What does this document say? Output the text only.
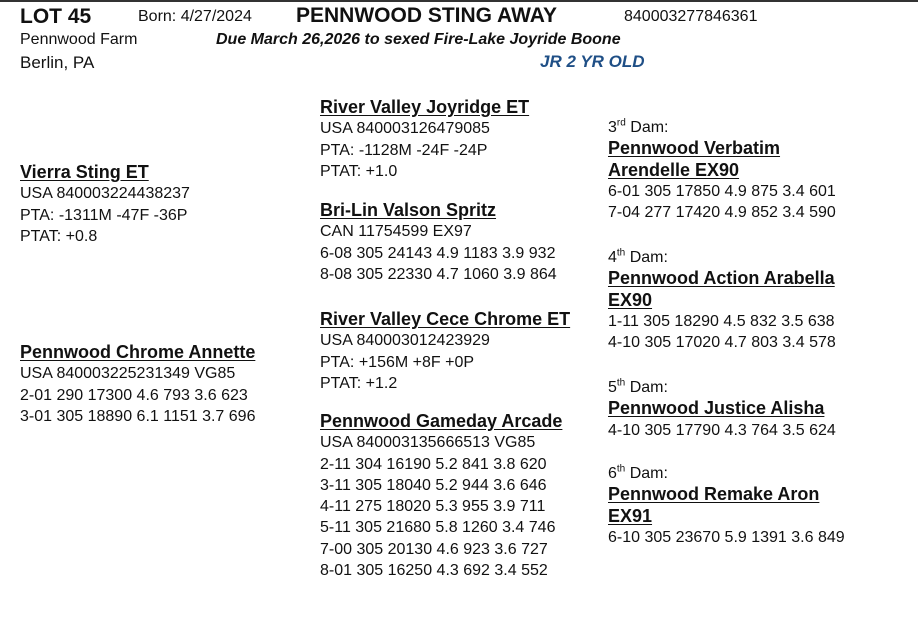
LOT 45	Born: 4/27/2024 PENNWOOD STING AWAY	840003277846361
Pennwood Farm	Due March 26,2026 to sexed Fire-Lake Joyride Boone
Berlin, PA	JR 2 YR OLD
Vierra Sting ET
USA 840003224438237
PTA: -1311M -47F -36P
PTAT: +0.8
Pennwood Chrome Annette
USA 840003225231349 VG85
2-01 290 17300 4.6 793 3.6 623
3-01 305 18890 6.1 1151 3.7 696
River Valley Joyridge ET
USA 840003126479085
PTA: -1128M -24F -24P
PTAT: +1.0
Bri-Lin Valson Spritz
CAN 11754599 EX97
6-08 305 24143 4.9 1183 3.9 932
8-08 305 22330 4.7 1060 3.9 864
River Valley Cece Chrome ET
USA 840003012423929
PTA: +156M +8F +0P
PTAT: +1.2
Pennwood Gameday Arcade
USA 840003135666513 VG85
2-11 304 16190 5.2 841 3.8 620
3-11 305 18040 5.2 944 3.6 646
4-11 275 18020 5.3 955 3.9 711
5-11 305 21680 5.8 1260 3.4 746
7-00 305 20130 4.6 923 3.6 727
8-01 305 16250 4.3 692 3.4 552
3rd Dam:
Pennwood Verbatim
Arendelle EX90
6-01 305 17850 4.9 875 3.4 601
7-04 277 17420 4.9 852 3.4 590
4th Dam:
Pennwood Action Arabella
EX90
1-11 305 18290 4.5 832 3.5 638
4-10 305 17020 4.7 803 3.4 578
5th Dam:
Pennwood Justice Alisha
4-10 305 17790 4.3 764 3.5 624
6th Dam:
Pennwood Remake Aron
EX91
6-10 305 23670 5.9 1391 3.6 849
